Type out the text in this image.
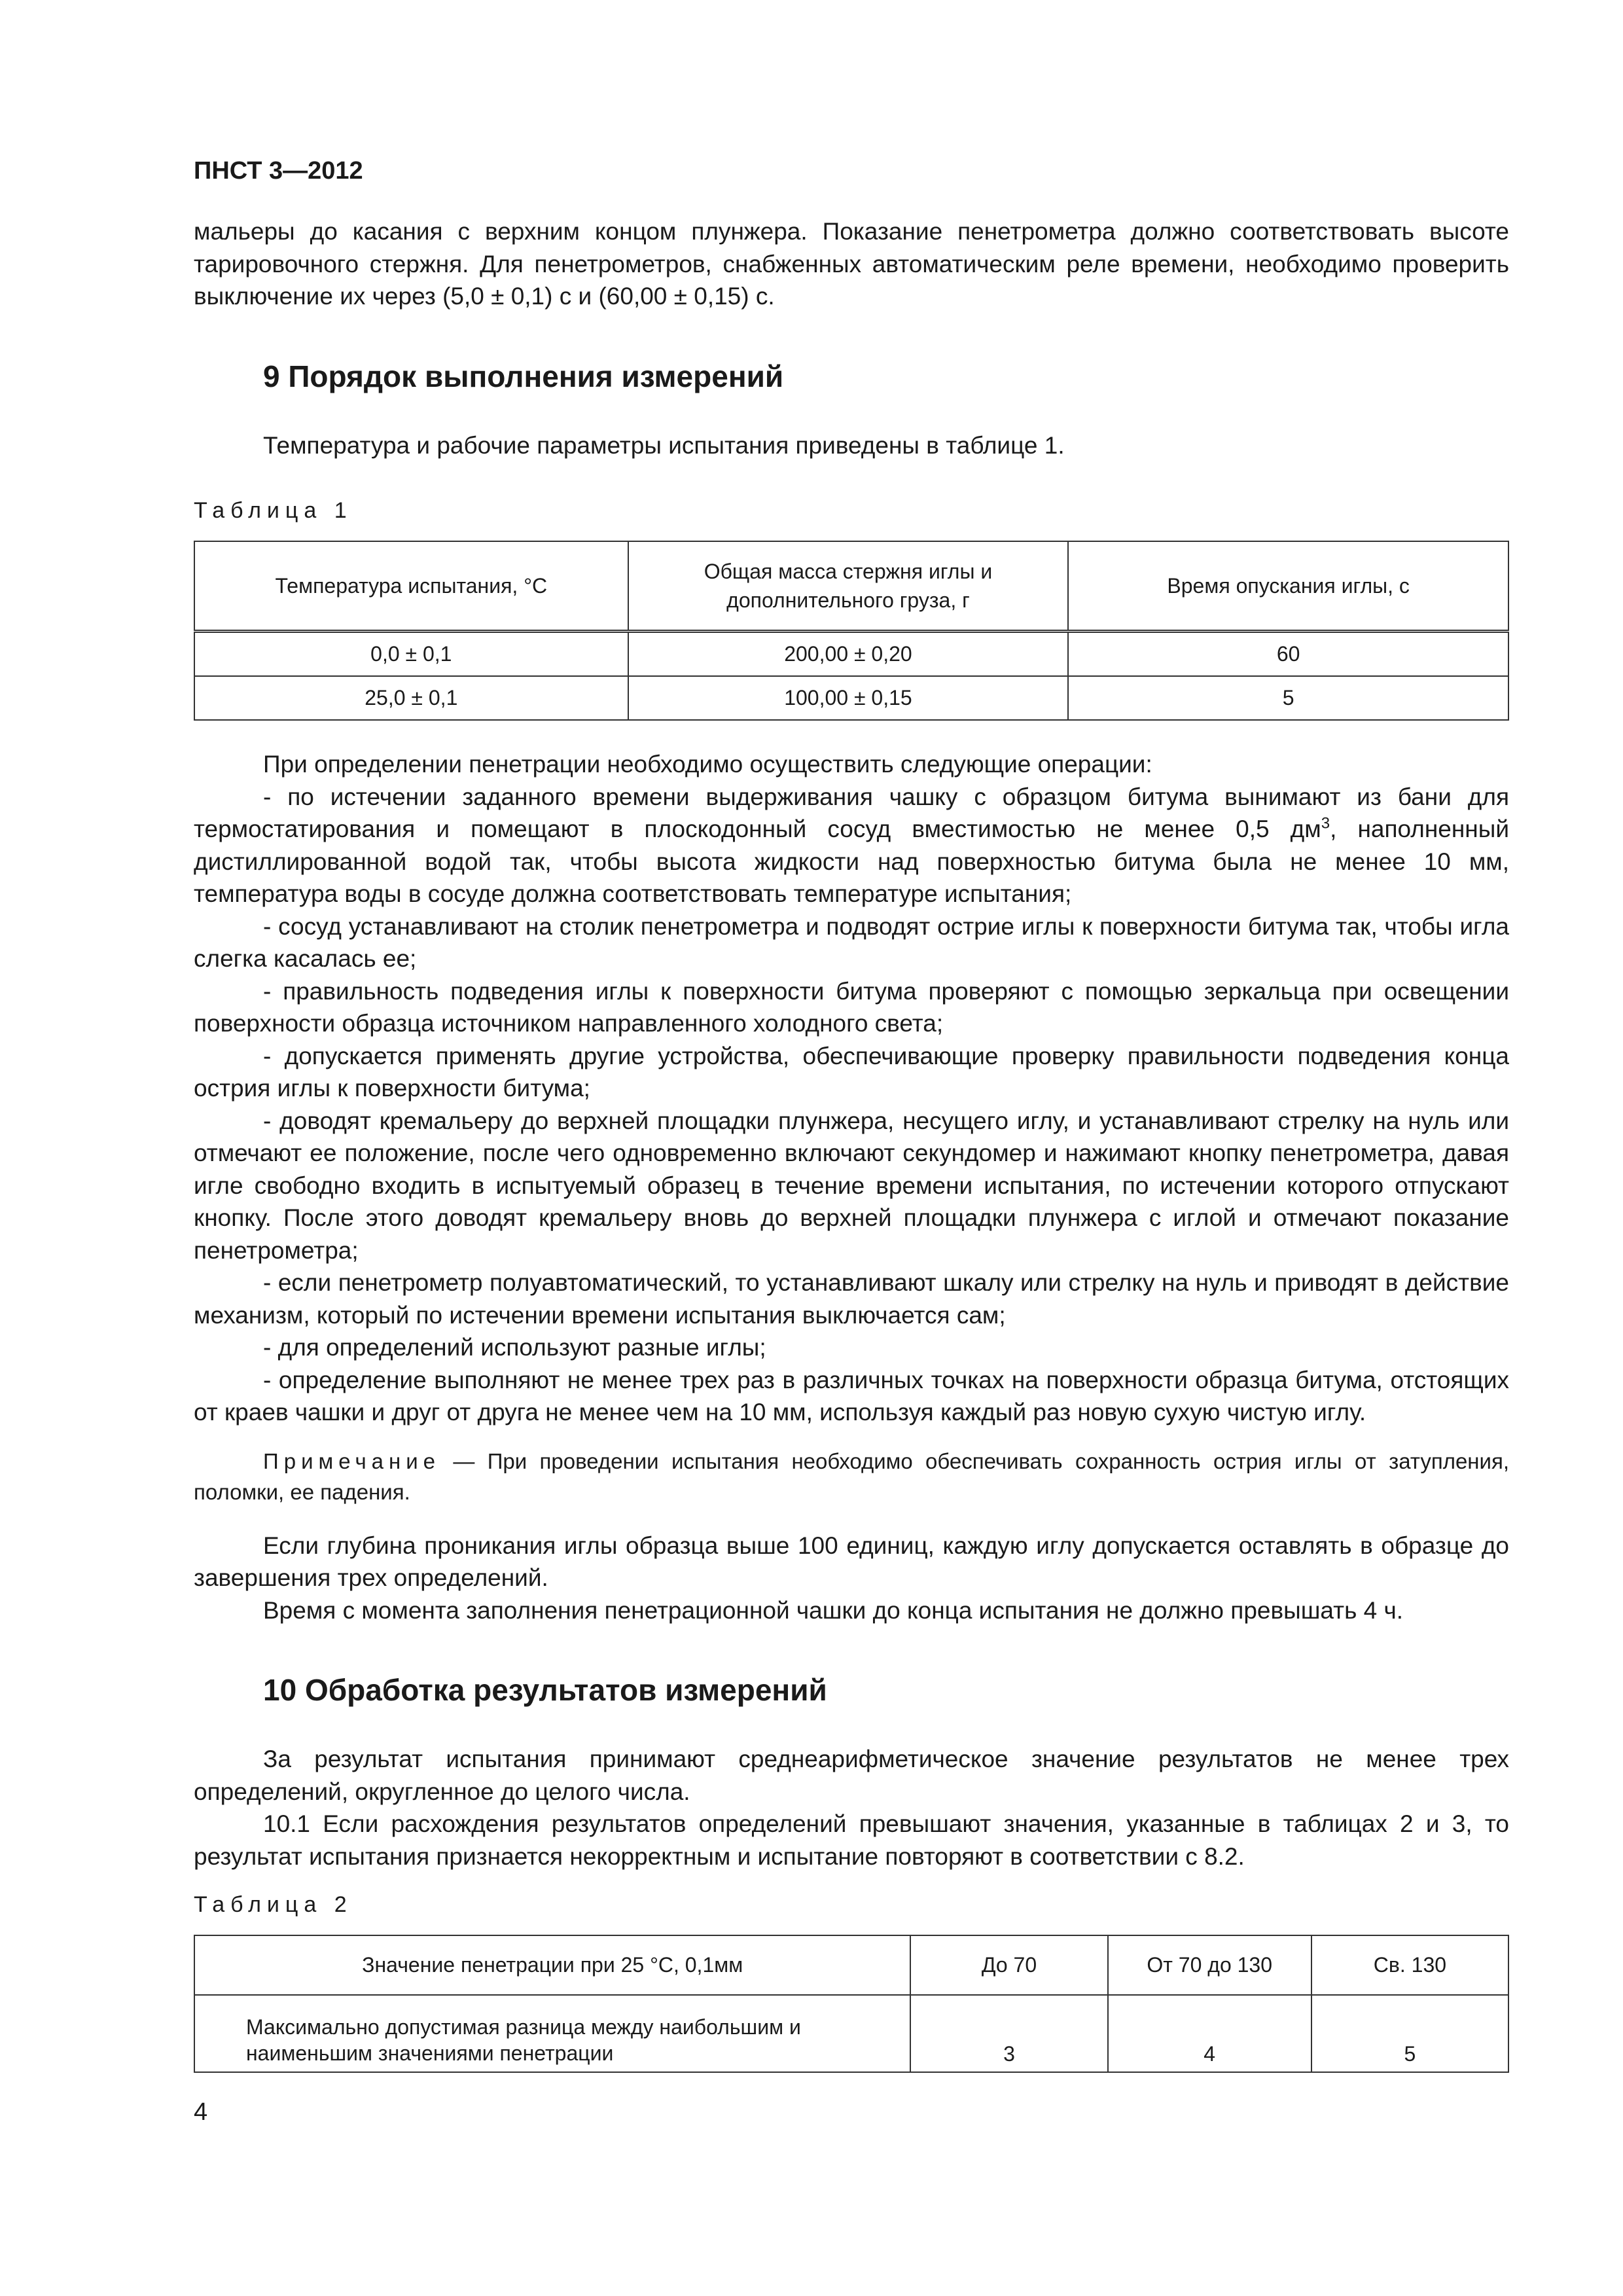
ПНСТ 3—2012

мальеры до касания с верхним концом плунжера. Показание пенетрометра должно соответствовать высоте тарировочного стержня. Для пенетрометров, снабженных автоматическим реле времени, необходимо проверить выключение их через (5,0 ± 0,1) с и (60,00 ± 0,15) с.

9 Порядок выполнения измерений

Температура и рабочие параметры испытания приведены в таблице 1.

Таблица 1
Температура испытания, °С	Общая масса стержня иглы и дополнительного груза, г	Время опускания иглы, с
0,0 ± 0,1	200,00 ± 0,20	60
25,0 ± 0,1	100,00 ± 0,15	5

При определении пенетрации необходимо осуществить следующие операции:

- по истечении заданного времени выдерживания чашку с образцом битума вынимают из бани для термостатирования и помещают в плоскодонный сосуд вместимостью не менее 0,5 $дм^3$, наполненный дистиллированной водой так, чтобы высота жидкости над поверхностью битума была не менее 10 мм, температура воды в сосуде должна соответствовать температуре испытания;
- сосуд устанавливают на столик пенетрометра и подводят острие иглы к поверхности битума так, чтобы игла слегка касалась ее;
- правильность подведения иглы к поверхности битума проверяют с помощью зеркальца при освещении поверхности образца источником направленного холодного света;
- допускается применять другие устройства, обеспечивающие проверку правильности подведения конца острия иглы к поверхности битума;
- доводят кремальеру до верхней площадки плунжера, несущего иглу, и устанавливают стрелку на нуль или отмечают ее положение, после чего одновременно включают секундомер и нажимают кнопку пенетрометра, давая игле свободно входить в испытуемый образец в течение времени испытания, по истечении которого отпускают кнопку. После этого доводят кремальеру вновь до верхней площадки плунжера с иглой и отмечают показание пенетрометра;
- если пенетрометр полуавтоматический, то устанавливают шкалу или стрелку на нуль и приводят в действие механизм, который по истечении времени испытания выключается сам;
- для определений используют разные иглы;
- определение выполняют не менее трех раз в различных точках на поверхности образца битума, отстоящих от краев чашки и друг от друга не менее чем на 10 мм, используя каждый раз новую сухую чистую иглу.

Примечание — При проведении испытания необходимо обеспечивать сохранность острия иглы от затупления, поломки, ее падения.

Если глубина проникания иглы образца выше 100 единиц, каждую иглу допускается оставлять в образце до завершения трех определений.

Время с момента заполнения пенетрационной чашки до конца испытания не должно превышать 4 ч.

10 Обработка результатов измерений

За результат испытания принимают среднеарифметическое значение результатов не менее трех определений, округленное до целого числа.

10.1 Если расхождения результатов определений превышают значения, указанные в таблицах 2 и 3, то результат испытания признается некорректным и испытание повторяют в соответствии с 8.2.

Таблица 2
Значение пенетрации при 25 °С, 0,1мм	До 70	От 70 до 130	Св. 130
Максимально допустимая разница между наибольшим и наименьшим значениями пенетрации	3	4	5
4
